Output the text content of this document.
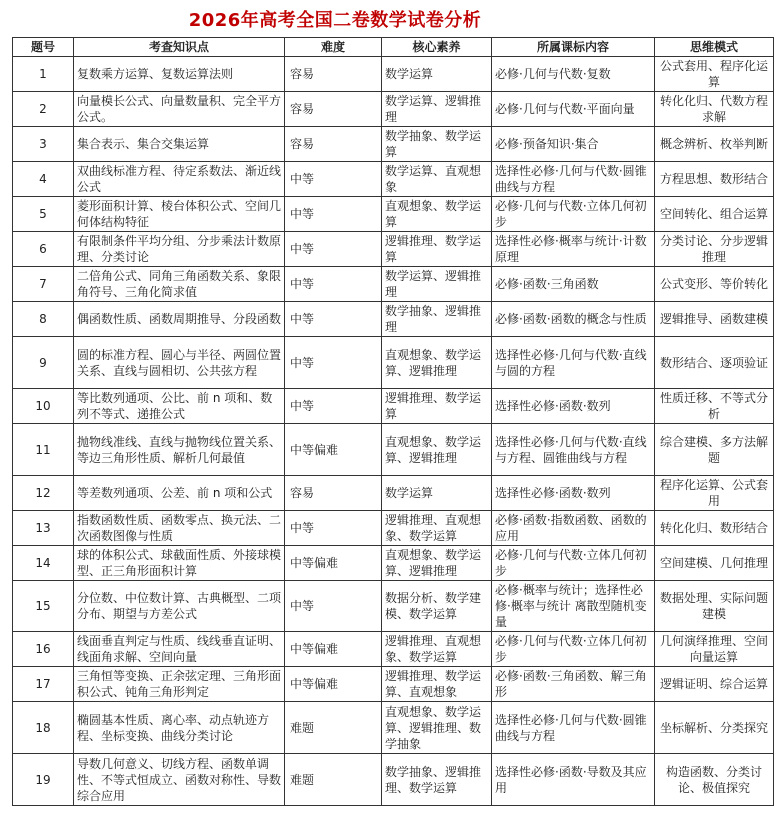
2026年高考全国二卷数学试卷分析
题号	考查知识点	难度	核心素养	所属课标内容	思维模式
1	复数乘方运算、复数运算法则	容易	数学运算	必修·几何与代数·复数	公式套用、程序化运算
2	向量模长公式、向量数量积、完全平方公式。	容易	数学运算、逻辑推理	必修·几何与代数·平面向量	转化化归、代数方程求解
3	集合表示、集合交集运算	容易	数学抽象、数学运算	必修·预备知识·集合	概念辨析、枚举判断
4	双曲线标准方程、待定系数法、渐近线公式	中等	数学运算、直观想象	选择性必修·几何与代数·圆锥曲线与方程	方程思想、数形结合
5	菱形面积计算、棱台体积公式、空间几何体结构特征	中等	直观想象、数学运算	必修·几何与代数·立体几何初步	空间转化、组合运算
6	有限制条件平均分组、分步乘法计数原理、分类讨论	中等	逻辑推理、数学运算	选择性必修·概率与统计·计数原理	分类讨论、分步逻辑推理
7	二倍角公式、同角三角函数关系、象限角符号、三角化简求值	中等	数学运算、逻辑推理	必修·函数·三角函数	公式变形、等价转化
8	偶函数性质、函数周期推导、分段函数	中等	数学抽象、逻辑推理	必修·函数·函数的概念与性质	逻辑推导、函数建模
9	圆的标准方程、圆心与半径、两圆位置关系、直线与圆相切、公共弦方程	中等	直观想象、数学运算、逻辑推理	选择性必修·几何与代数·直线与圆的方程	数形结合、逐项验证
10	等比数列通项、公比、前 n 项和、数列不等式、递推公式	中等	逻辑推理、数学运算	选择性必修·函数·数列	性质迁移、不等式分析
11	抛物线准线、直线与抛物线位置关系、等边三角形性质、解析几何最值	中等偏难	直观想象、数学运算、逻辑推理	选择性必修·几何与代数·直线与方程、圆锥曲线与方程	综合建模、多方法解题
12	等差数列通项、公差、前 n 项和公式	容易	数学运算	选择性必修·函数·数列	程序化运算、公式套用
13	指数函数性质、函数零点、换元法、二次函数图像与性质	中等	逻辑推理、直观想象、数学运算	必修·函数·指数函数、函数的应用	转化化归、数形结合
14	球的体积公式、球截面性质、外接球模型、正三角形面积计算	中等偏难	直观想象、数学运算、逻辑推理	必修·几何与代数·立体几何初步	空间建模、几何推理
15	分位数、中位数计算、古典概型、二项分布、期望与方差公式	中等	数据分析、数学建模、数学运算	必修·概率与统计；选择性必修·概率与统计 离散型随机变量	数据处理、实际问题建模
16	线面垂直判定与性质、线线垂直证明、线面角求解、空间向量	中等偏难	逻辑推理、直观想象、数学运算	必修·几何与代数·立体几何初步	几何演绎推理、空间向量运算
17	三角恒等变换、正余弦定理、三角形面积公式、钝角三角形判定	中等偏难	逻辑推理、数学运算、直观想象	必修·函数·三角函数、解三角形	逻辑证明、综合运算
18	椭圆基本性质、离心率、动点轨迹方程、坐标变换、曲线分类讨论	难题	直观想象、数学运算、逻辑推理、数学抽象	选择性必修·几何与代数·圆锥曲线与方程	坐标解析、分类探究
19	导数几何意义、切线方程、函数单调性、不等式恒成立、函数对称性、导数综合应用	难题	数学抽象、逻辑推理、数学运算	选择性必修·函数·导数及其应用	构造函数、分类讨论、极值探究
